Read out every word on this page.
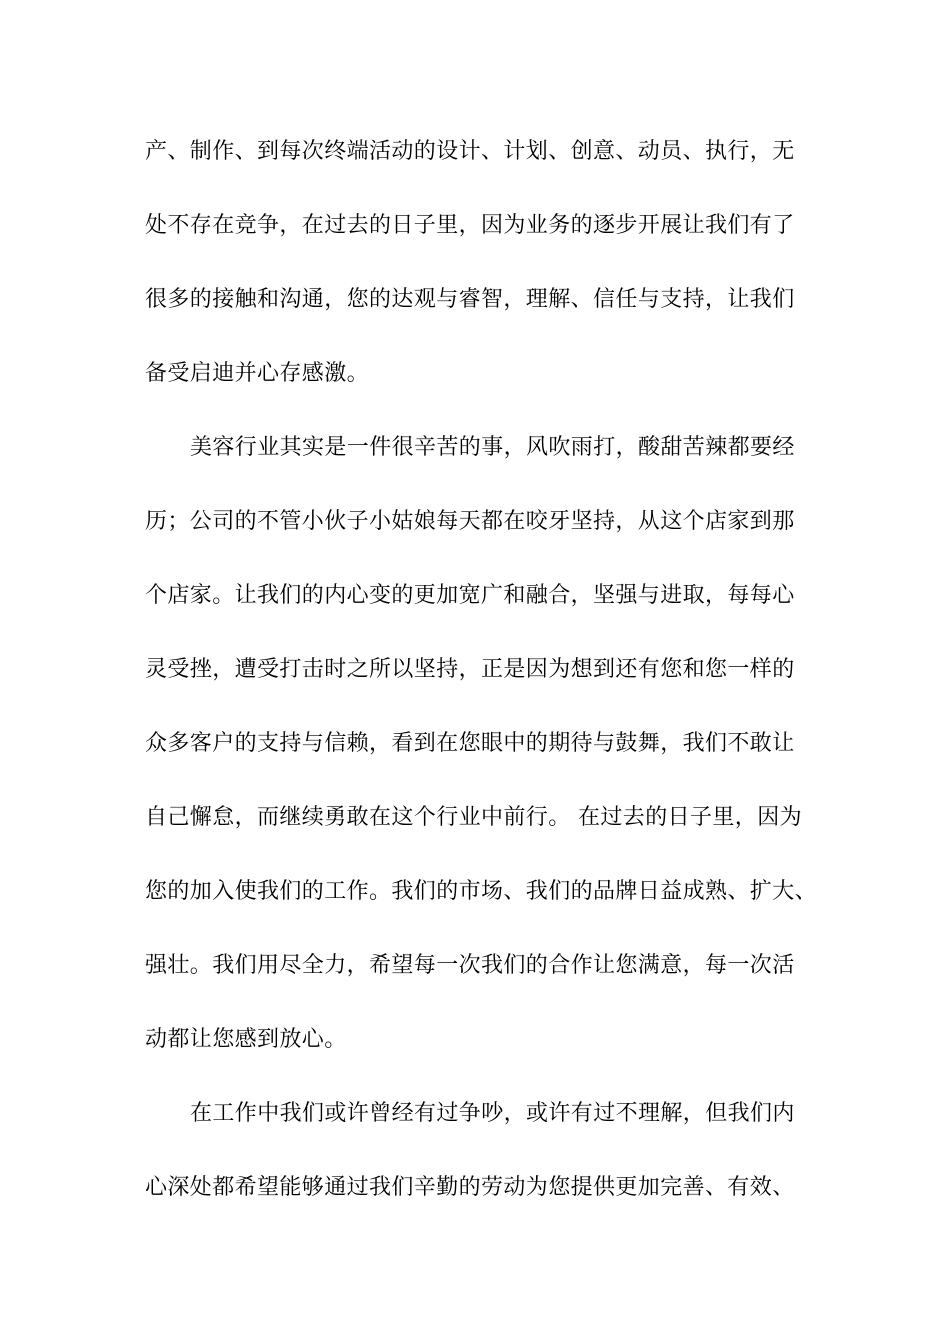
产、制作、到每次终端活动的设计、计划、创意、动员、执行，无
处不存在竞争，在过去的日子里，因为业务的逐步开展让我们有了
很多的接触和沟通，您的达观与睿智，理解、信任与支持，让我们
备受启迪并心存感激。
美容行业其实是一件很辛苦的事，风吹雨打，酸甜苦辣都要经
历；公司的不管小伙子小姑娘每天都在咬牙坚持，从这个店家到那
个店家。让我们的内心变的更加宽广和融合，坚强与进取，每每心
灵受挫，遭受打击时之所以坚持，正是因为想到还有您和您一样的
众多客户的支持与信赖，看到在您眼中的期待与鼓舞，我们不敢让
自己懈怠，而继续勇敢在这个行业中前行。 在过去的日子里，因为
您的加入使我们的工作。我们的市场、我们的品牌日益成熟、扩大、
强壮。我们用尽全力，希望每一次我们的合作让您满意，每一次活
动都让您感到放心。
在工作中我们或许曾经有过争吵，或许有过不理解，但我们内
心深处都希望能够通过我们辛勤的劳动为您提供更加完善、有效、
